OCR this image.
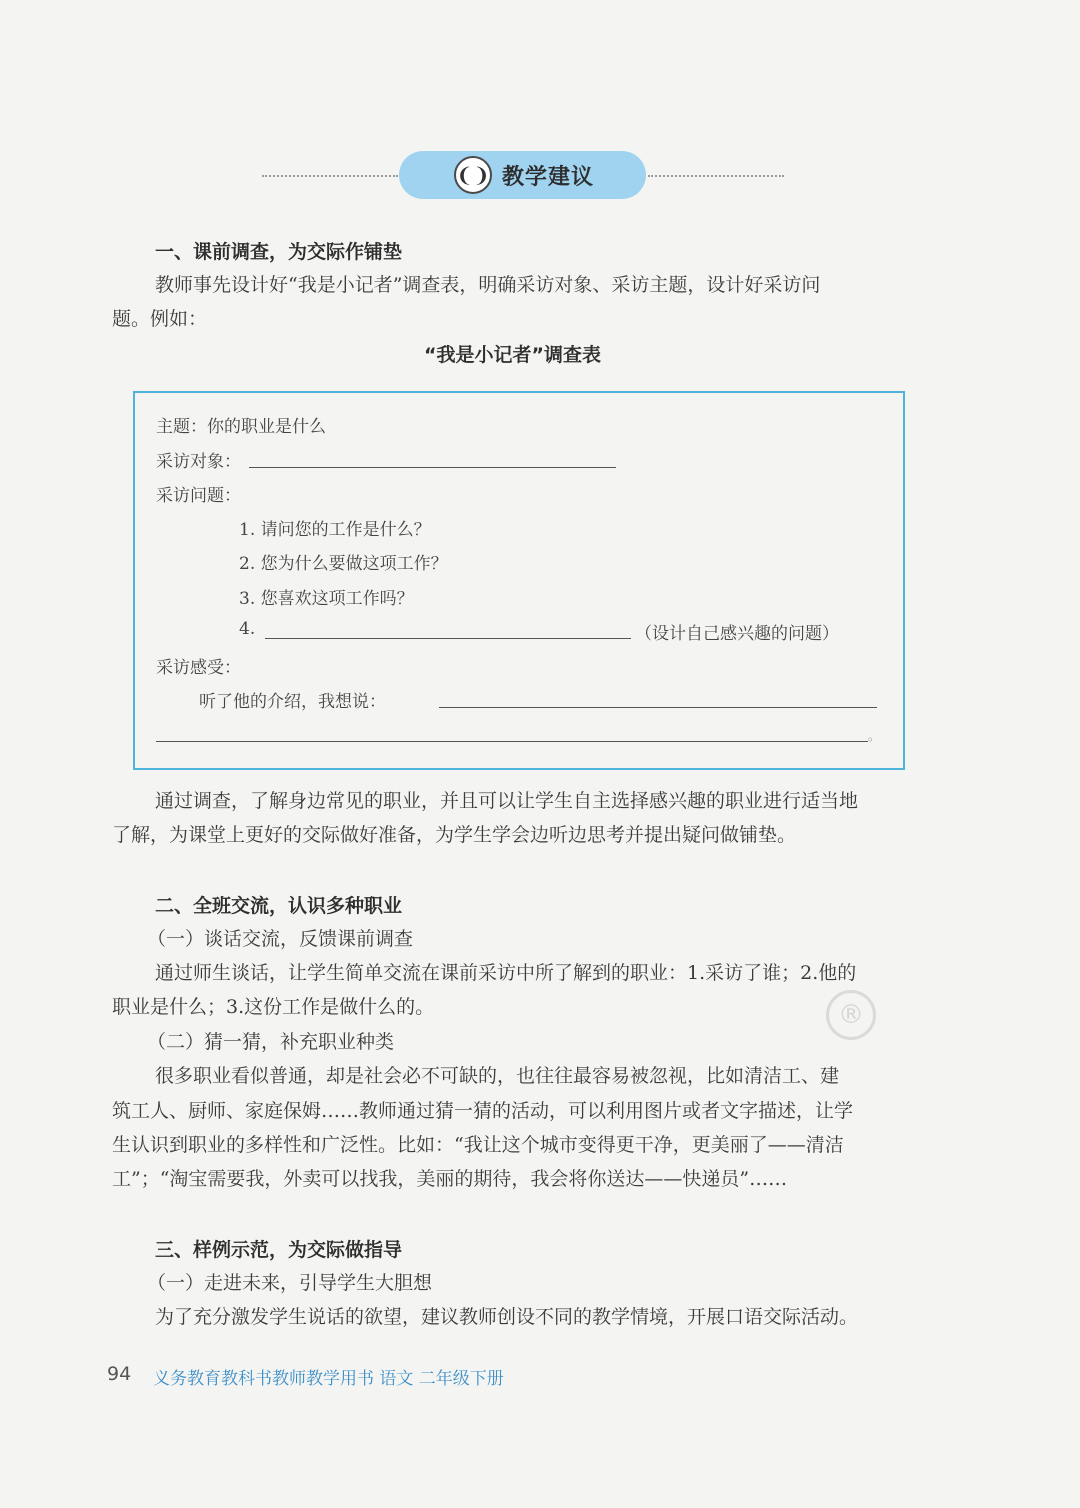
❨❩ 教学建议
一、课前调查，为交际作铺垫
教师事先设计好“我是小记者”调查表，明确采访对象、采访主题，设计好采访问
题。例如：
“我是小记者”调查表
主题：你的职业是什么
采访对象：
采访问题：
1. 请问您的工作是什么？
2. 您为什么要做这项工作？
3. 您喜欢这项工作吗？
4.	（设计自己感兴趣的问题）
采访感受：
听了他的介绍，我想说：
。
通过调查，了解身边常见的职业，并且可以让学生自主选择感兴趣的职业进行适当地
了解，为课堂上更好的交际做好准备，为学生学会边听边思考并提出疑问做铺垫。
二、全班交流，认识多种职业
（一）谈话交流，反馈课前调查
通过师生谈话，让学生简单交流在课前采访中所了解到的职业：1.采访了谁；2.他的
职业是什么；3.这份工作是做什么的。
（二）猜一猜，补充职业种类
很多职业看似普通，却是社会必不可缺的，也往往最容易被忽视，比如清洁工、建
筑工人、厨师、家庭保姆……教师通过猜一猜的活动，可以利用图片或者文字描述，让学
生认识到职业的多样性和广泛性。比如：“我让这个城市变得更干净，更美丽了——清洁
工”；“淘宝需要我，外卖可以找我，美丽的期待，我会将你送达——快递员”……
®
三、样例示范，为交际做指导
（一）走进未来，引导学生大胆想
为了充分激发学生说话的欲望，建议教师创设不同的教学情境，开展口语交际活动。
94 义务教育教科书教师教学用书 语文 二年级下册
